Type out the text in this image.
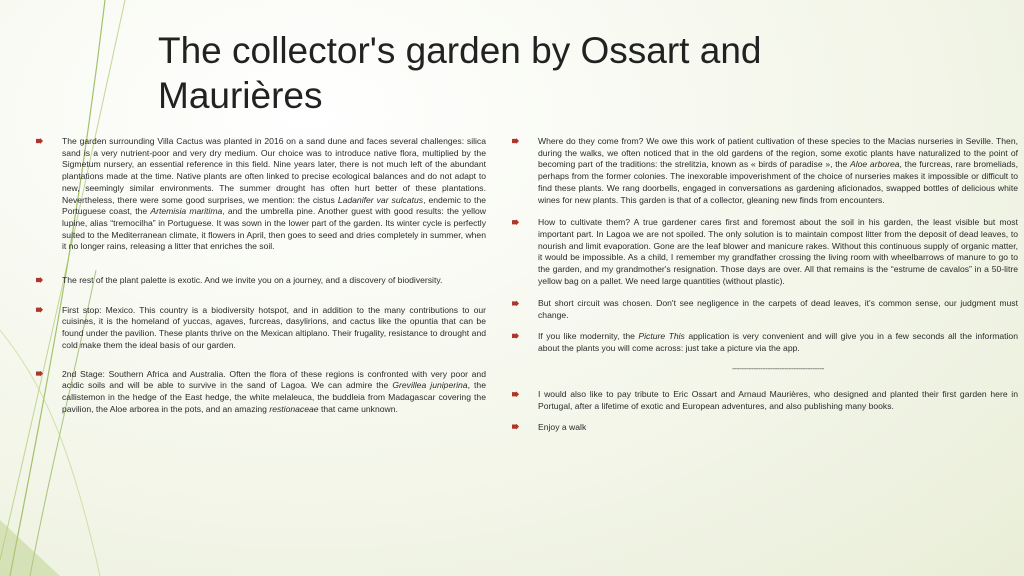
The collector's garden by Ossart and Maurières
The garden surrounding Villa Cactus was planted in 2016 on a sand dune and faces several challenges: silica sand is a very nutrient-poor and very dry medium. Our choice was to introduce native flora, multiplied by the Sigmetum nursery, an essential reference in this field. Nine years later, there is not much left of the abundant plantations made at the time. Native plants are often linked to precise ecological balances and do not adapt to new, seemingly similar environments. The summer drought has often hurt better of these plantations. Nevertheless, there were some good surprises, we mention: the cistus Ladanifer var sulcatus, endemic to the Portuguese coast, the Artemisia maritima, and the umbrella pine. Another guest with good results: the yellow lupine, alias “tremocilha” in Portuguese. It was sown in the lower part of the garden. Its winter cycle is perfectly suited to the Mediterranean climate, it flowers in April, then goes to seed and dries completely in summer, when it no longer rains, releasing a litter that enriches the soil.
The rest of the plant palette is exotic. And we invite you on a journey, and a discovery of biodiversity.
First stop: Mexico. This country is a biodiversity hotspot, and in addition to the many contributions to our cuisines, it is the homeland of yuccas, agaves, furcreas, dasylirions, and cactus like the opuntia that can be found under the pavilion. These plants thrive on the Mexican altiplano. Their frugality, resistance to drought and cold make them the ideal basis of our garden.
2nd Stage: Southern Africa and Australia. Often the flora of these regions is confronted with very poor and acidic soils and will be able to survive in the sand of Lagoa. We can admire the Grevillea juniperina, the callistemon in the hedge of the East hedge, the white melaleuca, the buddleia from Madagascar covering the pavilion, the Aloe arborea in the pots, and an amazing restionaceae that came unknown.
Where do they come from? We owe this work of patient cultivation of these species to the Macias nurseries in Seville. Then, during the walks, we often noticed that in the old gardens of the region, some exotic plants have naturalized to the point of becoming part of the traditions: the strelitzia, known as « birds of paradise », the Aloe arborea, the furcreas, rare bromeliads, perhaps from the former colonies. The inexorable impoverishment of the choice of nurseries makes it impossible or difficult to find these plants. We rang doorbells, engaged in conversations as gardening aficionados, swapped bottles of delicious white wines for new plants. This garden is that of a collector, gleaning new finds from encounters.
How to cultivate them? A true gardener cares first and foremost about the soil in his garden, the least visible but most important part. In Lagoa we are not spoiled. The only solution is to maintain compost litter from the deposit of dead leaves, to nourish and limit evaporation. Gone are the leaf blower and manicure rakes. Without this continuous supply of organic matter, it would be impossible. As a child, I remember my grandfather crossing the living room with wheelbarrows of manure to go to the garden, and my grandmother's resignation. Those days are over. All that remains is the “estrume de cavalos” in a 50-litre yellow bag on a pallet. We need large quantities (without plastic).
But short circuit was chosen. Don't see negligence in the carpets of dead leaves, it's common sense, our judgment must change.
If you like modernity, the Picture This application is very convenient and will give you in a few seconds all the information about the plants you will come across: just take a picture via the app.
---------------------------------------
I would also like to pay tribute to Eric Ossart and Arnaud Maurières, who designed and planted their first garden here in Portugal, after a lifetime of exotic and European adventures, and also publishing many books.
Enjoy a walk
